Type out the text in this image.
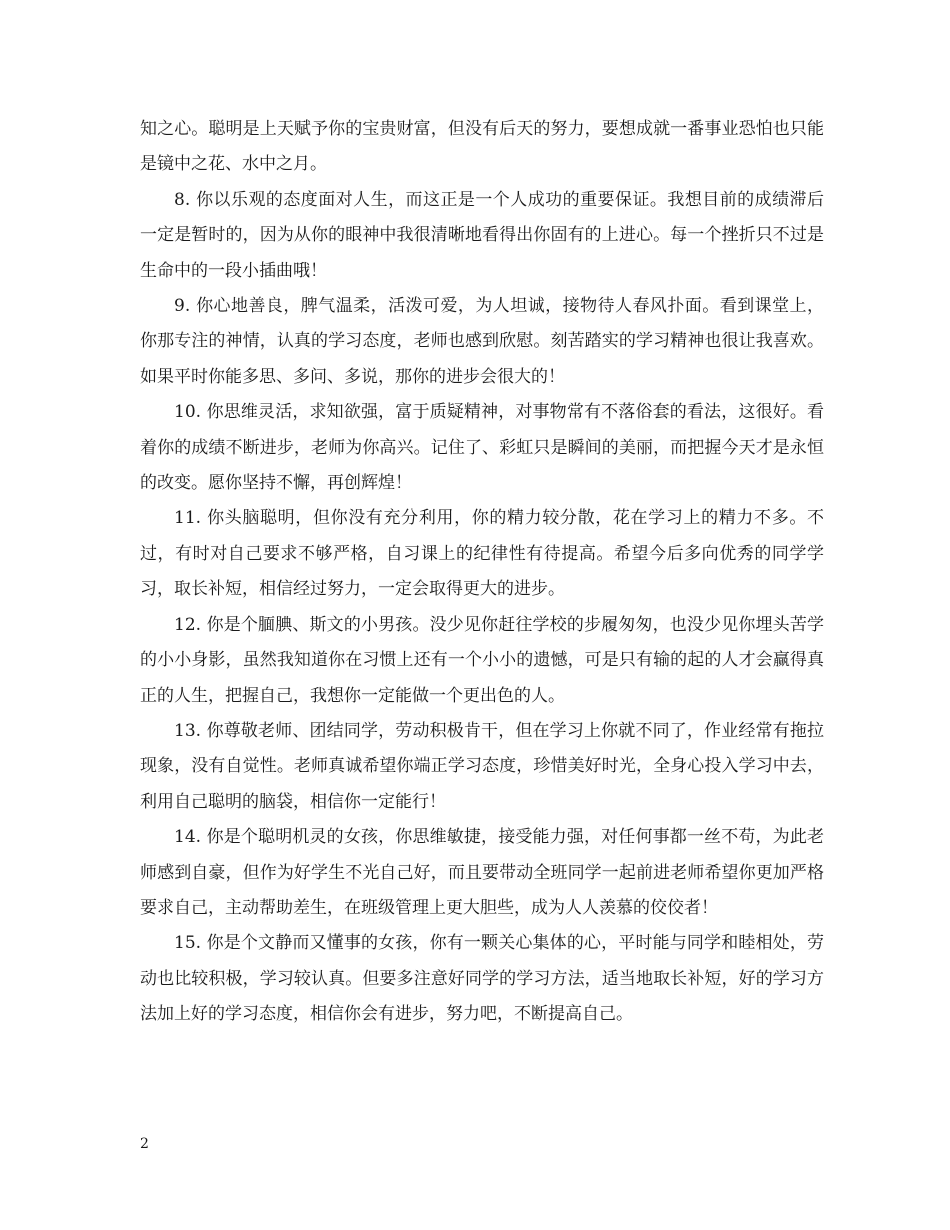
知之心。聪明是上天赋予你的宝贵财富，但没有后天的努力，要想成就一番事业恐怕也只能是镜中之花、水中之月。

8. 你以乐观的态度面对人生，而这正是一个人成功的重要保证。我想目前的成绩滞后一定是暂时的，因为从你的眼神中我很清晰地看得出你固有的上进心。每一个挫折只不过是生命中的一段小插曲哦！

9. 你心地善良，脾气温柔，活泼可爱，为人坦诚，接物待人春风扑面。看到课堂上，你那专注的神情，认真的学习态度，老师也感到欣慰。刻苦踏实的学习精神也很让我喜欢。如果平时你能多思、多问、多说，那你的进步会很大的！

10. 你思维灵活，求知欲强，富于质疑精神，对事物常有不落俗套的看法，这很好。看着你的成绩不断进步，老师为你高兴。记住了、彩虹只是瞬间的美丽，而把握今天才是永恒的改变。愿你坚持不懈，再创辉煌！

11. 你头脑聪明，但你没有充分利用，你的精力较分散，花在学习上的精力不多。不过，有时对自己要求不够严格，自习课上的纪律性有待提高。希望今后多向优秀的同学学习，取长补短，相信经过努力，一定会取得更大的进步。

12. 你是个腼腆、斯文的小男孩。没少见你赶往学校的步履匆匆，也没少见你埋头苦学的小小身影，虽然我知道你在习惯上还有一个小小的遗憾，可是只有输的起的人才会赢得真正的人生，把握自己，我想你一定能做一个更出色的人。

13. 你尊敬老师、团结同学，劳动积极肯干，但在学习上你就不同了，作业经常有拖拉现象，没有自觉性。老师真诚希望你端正学习态度，珍惜美好时光，全身心投入学习中去，利用自己聪明的脑袋，相信你一定能行！

14. 你是个聪明机灵的女孩，你思维敏捷，接受能力强，对任何事都一丝不苟，为此老师感到自豪，但作为好学生不光自己好，而且要带动全班同学一起前进老师希望你更加严格要求自己，主动帮助差生，在班级管理上更大胆些，成为人人羡慕的佼佼者！

15. 你是个文静而又懂事的女孩，你有一颗关心集体的心，平时能与同学和睦相处，劳动也比较积极，学习较认真。但要多注意好同学的学习方法，适当地取长补短，好的学习方法加上好的学习态度，相信你会有进步，努力吧，不断提高自己。

2
